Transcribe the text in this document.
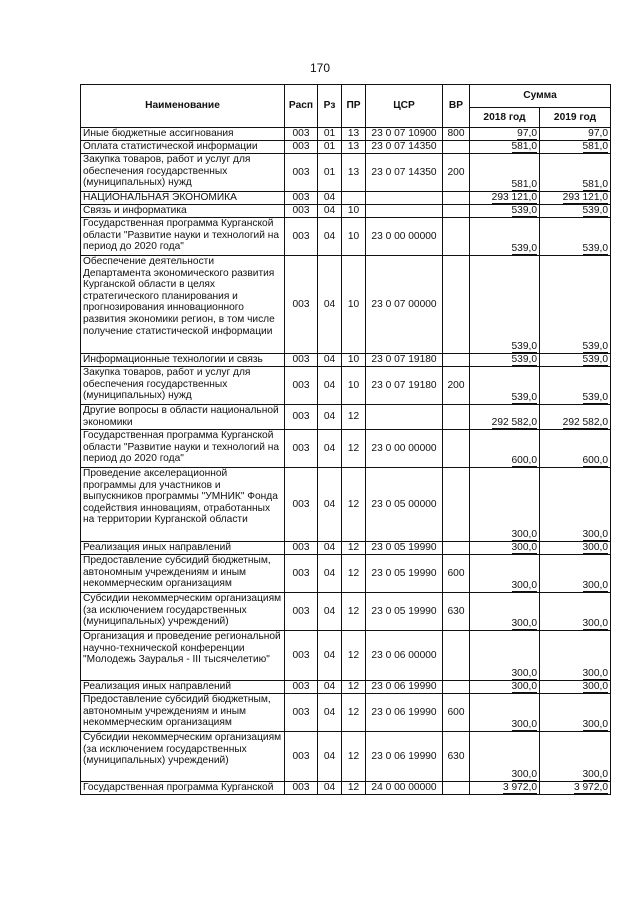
170
Наименование	Расп	Рз	ПР	ЦСР	ВР	Сумма	
						2018 год	2019 год
Иные бюджетные ассигнования	003	01	13	23 0 07 10900	800	97,0	97,0
Оплата статистической информации	003	01	13	23 0 07 14350		581,0	581,0
Закупка товаров, работ и услуг для обеспечения государственных (муниципальных) нужд	003	01	13	23 0 07 14350	200	581,0	581,0
НАЦИОНАЛЬНАЯ ЭКОНОМИКА	003	04				293 121,0	293 121,0
Связь и информатика	003	04	10			539,0	539,0
Государственная программа Курганской области "Развитие науки и технологий на период до 2020 года"	003	04	10	23 0 00 00000		539,0	539,0
Обеспечение деятельности Департамента экономического развития Курганской области в целях стратегического планирования и прогнозирования инновационного развития экономики регион, в том числе получение статистической информации	003	04	10	23 0 07 00000		539,0	539,0
Информационные технологии и связь	003	04	10	23 0 07 19180		539,0	539,0
Закупка товаров, работ и услуг для обеспечения государственных (муниципальных) нужд	003	04	10	23 0 07 19180	200	539,0	539,0
Другие вопросы в области национальной экономики	003	04	12			292 582,0	292 582,0
Государственная программа Курганской области "Развитие науки и технологий на период до 2020 года"	003	04	12	23 0 00 00000		600,0	600,0
Проведение акселерационной программы для участников и выпускников программы "УМНИК" Фонда содействия инновациям, отработанных на территории Курганской области	003	04	12	23 0 05 00000		300,0	300,0
Реализация иных направлений	003	04	12	23 0 05 19990		300,0	300,0
Предоставление субсидий бюджетным, автономным учреждениям и иным некоммерческим организациям	003	04	12	23 0 05 19990	600	300,0	300,0
Субсидии некоммерческим организациям (за исключением государственных (муниципальных) учреждений)	003	04	12	23 0 05 19990	630	300,0	300,0
Организация и проведение региональной научно-технической конференции "Молодежь Зауралья - III тысячелетию"	003	04	12	23 0 06 00000		300,0	300,0
Реализация иных направлений	003	04	12	23 0 06 19990		300,0	300,0
Предоставление субсидий бюджетным, автономным учреждениям и иным некоммерческим организациям	003	04	12	23 0 06 19990	600	300,0	300,0
Субсидии некоммерческим организациям (за исключением государственных (муниципальных) учреждений)	003	04	12	23 0 06 19990	630	300,0	300,0
Государственная программа Курганской	003	04	12	24 0 00 00000		3 972,0	3 972,0
